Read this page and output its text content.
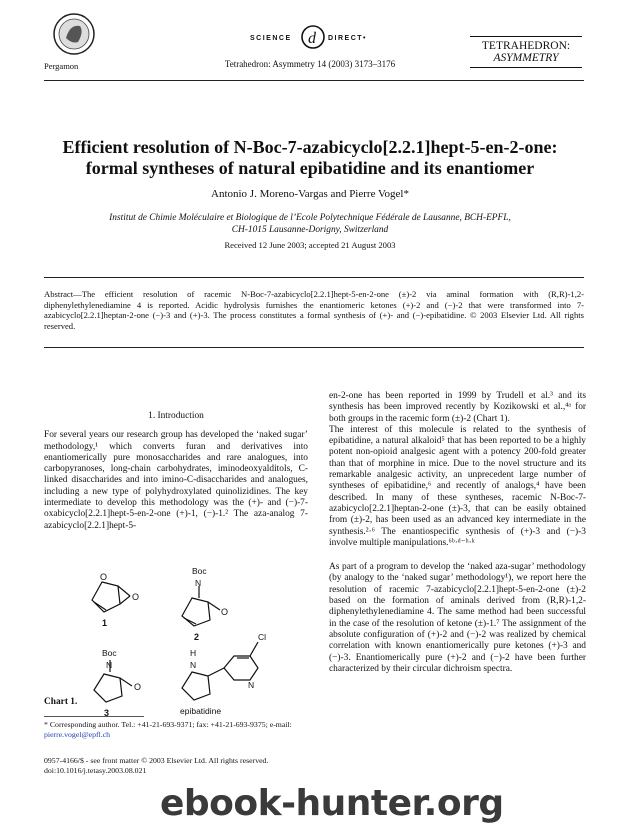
Pergamon
d
SCIENCE	DIRECT•
Tetrahedron: Asymmetry 14 (2003) 3173–3176
TETRAHEDRON:
ASYMMETRY
Efficient resolution of N-Boc-7-azabicyclo[2.2.1]hept-5-en-2-one:
formal syntheses of natural epibatidine and its enantiomer
Antonio J. Moreno-Vargas and Pierre Vogel*
Institut de Chimie Moléculaire et Biologique de l’Ecole Polytechnique Fédérale de Lausanne, BCH-EPFL,
CH-1015 Lausanne-Dorigny, Switzerland
Received 12 June 2003; accepted 21 August 2003
Abstract—The efficient resolution of racemic N-Boc-7-azabicyclo[2.2.1]hept-5-en-2-one (±)-2 via aminal formation with (R,R)-1,2-diphenylethylenediamine 4 is reported. Acidic hydrolysis furnishes the enantiomeric ketones (+)-2 and (−)-2 that were transformed into 7-azabicyclo[2.2.1]heptan-2-one (−)-3 and (+)-3. The process constitutes a formal synthesis of (+)- and (−)-epibatidine. © 2003 Elsevier Ltd. All rights reserved.

1. Introduction

For several years our research group has developed the ‘naked sugar’ methodology,¹ which converts furan and derivatives into enantiomerically pure monosaccharides and rare analogues, into carbopyranoses, long-chain carbohydrates, iminodeoxyalditols, C-linked disaccharides and into imino-C-disaccharides and analogues, including a new type of polyhydroxylated quinolizidines. The key intermediate to develop this methodology was the (+)- and (−)-7-oxabicyclo[2.2.1]hept-5-en-2-one (+)-1, (−)-1.² The aza-analog 7-azabicyclo[2.2.1]hept-5-

en-2-one has been reported in 1999 by Trudell et al.³ and its synthesis has been improved recently by Kozikowski et al.,⁴ᵃ for both groups in the racemic form (±)-2 (Chart 1).

The interest of this molecule is related to the synthesis of epibatidine, a natural alkaloid⁵ that has been reported to be a highly potent non-opioid analgesic agent with a potency 200-fold greater than that of morphine in mice. Due to the novel structure and its remarkable analgesic activity, an unprecedent large number of syntheses of epibatidine,⁶ and recently of analogs,⁴ have been described. In many of these syntheses, racemic N-Boc-7-azabicyclo[2.2.1]heptan-2-one (±)-3, that can be easily obtained from (±)-2, has been used as an advanced key intermediate in the synthesis.²·⁶ The enantiospecific synthesis of (+)-3 and (−)-3 involve multiple manipulations.⁶ᵇ·ᵈ⁻ʰ·ᵏ

As part of a program to develop the ‘naked aza-sugar’ methodology (by analogy to the ‘naked sugar’ methodology¹), we report here the resolution of racemic 7-azabicyclo[2.2.1]hept-5-en-2-one (±)-2 based on the formation of aminals derived from (R,R)-1,2-diphenylethylenediamine 4. The same method had been successful in the case of the resolution of ketone (±)-1.⁷ The assignment of the absolute configuration of (+)-2 and (−)-2 was realized by chemical correlation with known enantiomerically pure ketones (+)-3 and (−)-3. Enantiomerically pure (+)-2 and (−)-2 have been further characterized by their circular dichroism spectra.

O
O
1
Boc
N
O
2
Boc
N
O
3
H
N
N
Cl
epibatidine
Chart 1.
* Corresponding author. Tel.: +41-21-693-9371; fax: +41-21-693-9375; e-mail: pierre.vogel@epfl.ch
0957-4166/$ - see front matter © 2003 Elsevier Ltd. All rights reserved.
doi:10.1016/j.tetasy.2003.08.021
ebook-hunter.org
